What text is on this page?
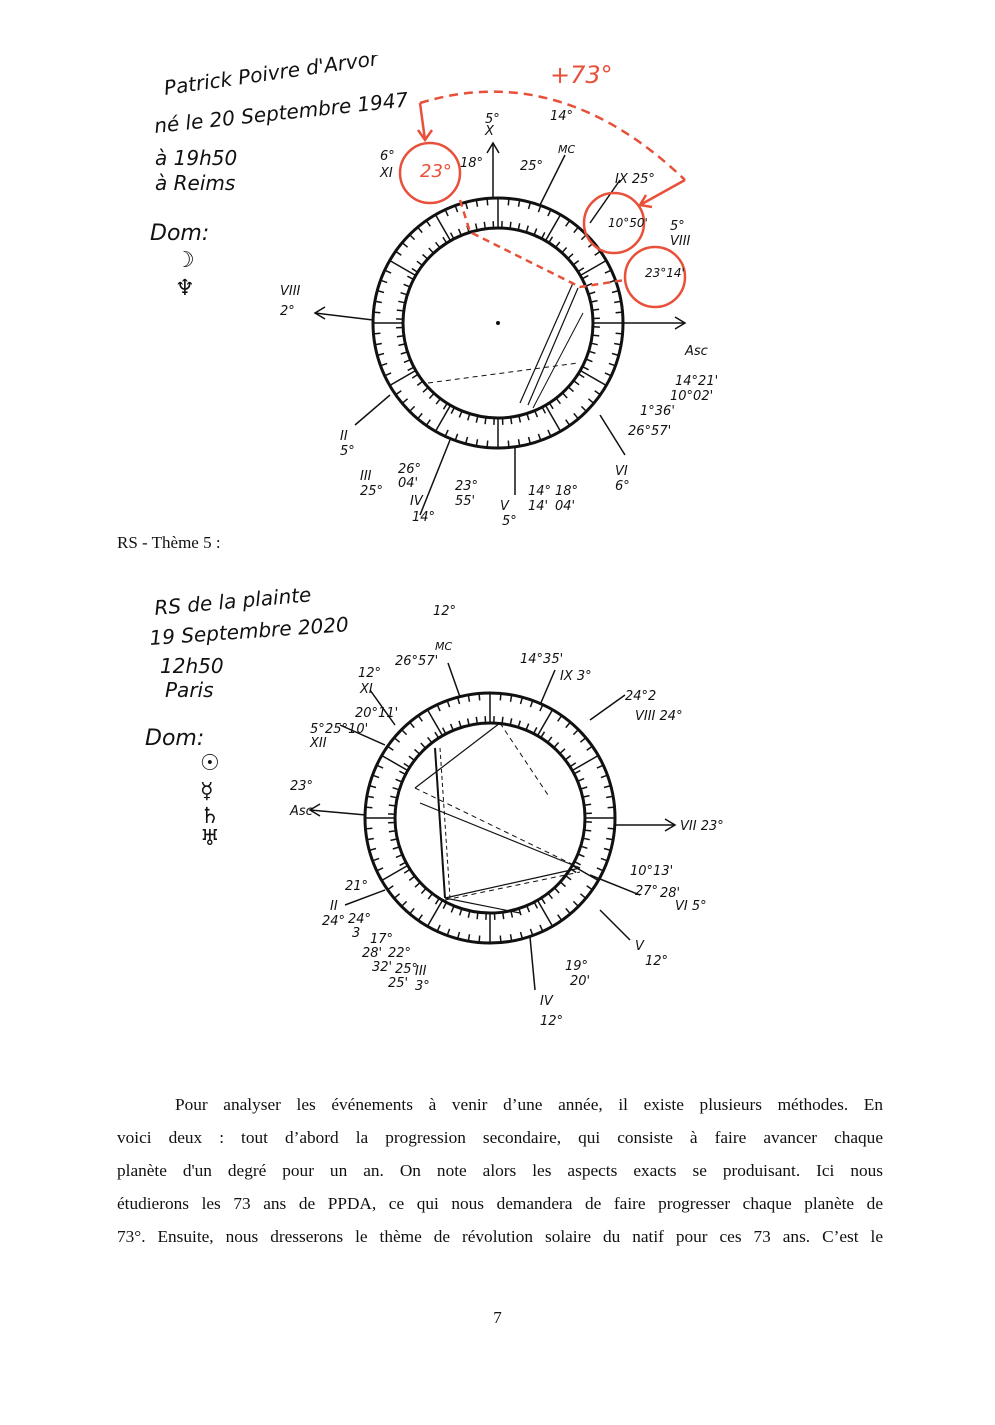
Patrick Poivre d'Arvor
né le 20 Septembre 1947
à 19h50
à Reims
Dom:
☽
♆	VIII
2°
Asc
X
5°
6°
XI
18°	25°
14°
MC
IX 25°
5°
VIII
14°21'
10°02'
1°36'
26°57'
VI
6°
II
5°
III
25°
26°
04'
IV
14°
23°
55' V
5°
14°
14'
18°
04'
+73°
23°
10°50'
23°14'
RS - Thème 5 :
RS de la plainte
19 Septembre 2020
12h50
Paris
Dom:
☉
☿
♄
♅
12°
MC
26°57'	14°35'
IX 3°
12°
XI
20°11'
5° 25°10'
XII
23°
Asc
24°2
VIII 24°
VII 23°
10°13'
27° 28'
VI 5°
V
12°
21°
II
24° 24°
3 17°
28' 22°
32' 25°
25'
III
3°
19°
20'
IV
12°
Pour analyser les événements à venir d’une année, il existe plusieurs méthodes. En
voici deux : tout d’abord la progression secondaire, qui consiste à faire avancer chaque
planète d'un degré pour un an. On note alors les aspects exacts se produisant. Ici nous
étudierons les 73 ans de PPDA, ce qui nous demandera de faire progresser chaque planète de
73°. Ensuite, nous dresserons le thème de révolution solaire du natif pour ces 73 ans. C’est le
7
